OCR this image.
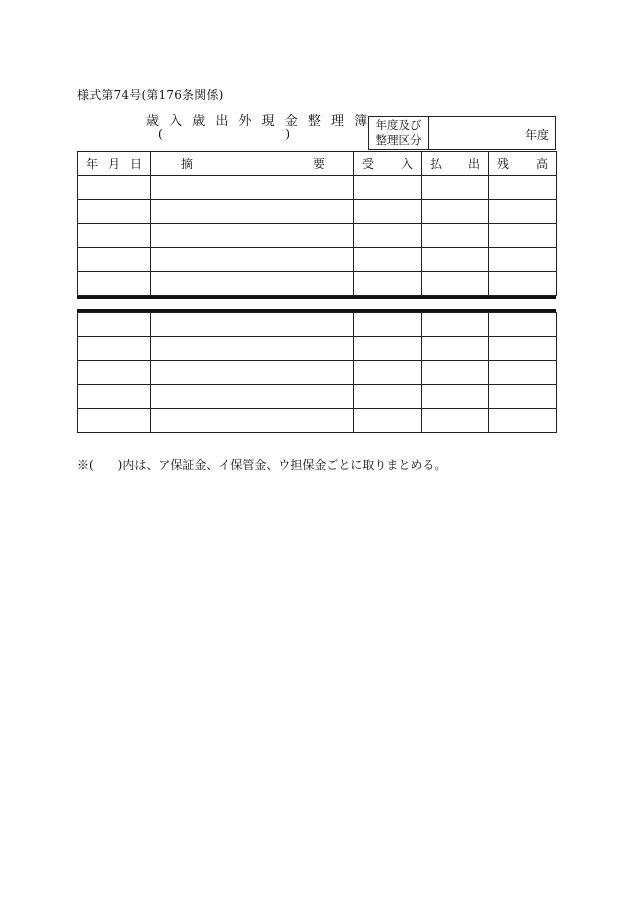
様式第74号(第176条関係)
歳 入 歳 出 外 現 金 整 理 簿
(	)
年度及び
整理区分	年度
年 月 日	摘 要	受 入	払 出	残 高

※(　　)内は、ア保証金、イ保管金、ウ担保金ごとに取りまとめる。
